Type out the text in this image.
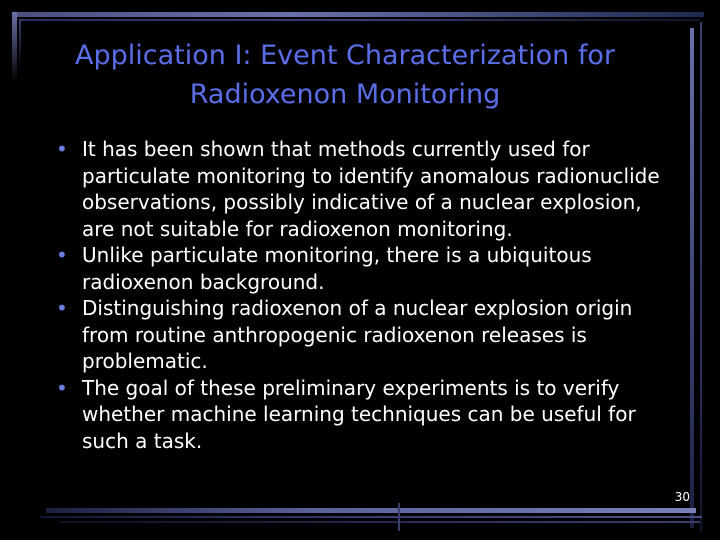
Application I: Event Characterization for
Radioxenon Monitoring
• It has been shown that methods currently used for particulate monitoring to identify anomalous radionuclide observations, possibly indicative of a nuclear explosion, are not suitable for radioxenon monitoring.
• Unlike particulate monitoring, there is a ubiquitous radioxenon background.
• Distinguishing radioxenon of a nuclear explosion origin from routine anthropogenic radioxenon releases is problematic.
• The goal of these preliminary experiments is to verify whether machine learning techniques can be useful for such a task.
30
